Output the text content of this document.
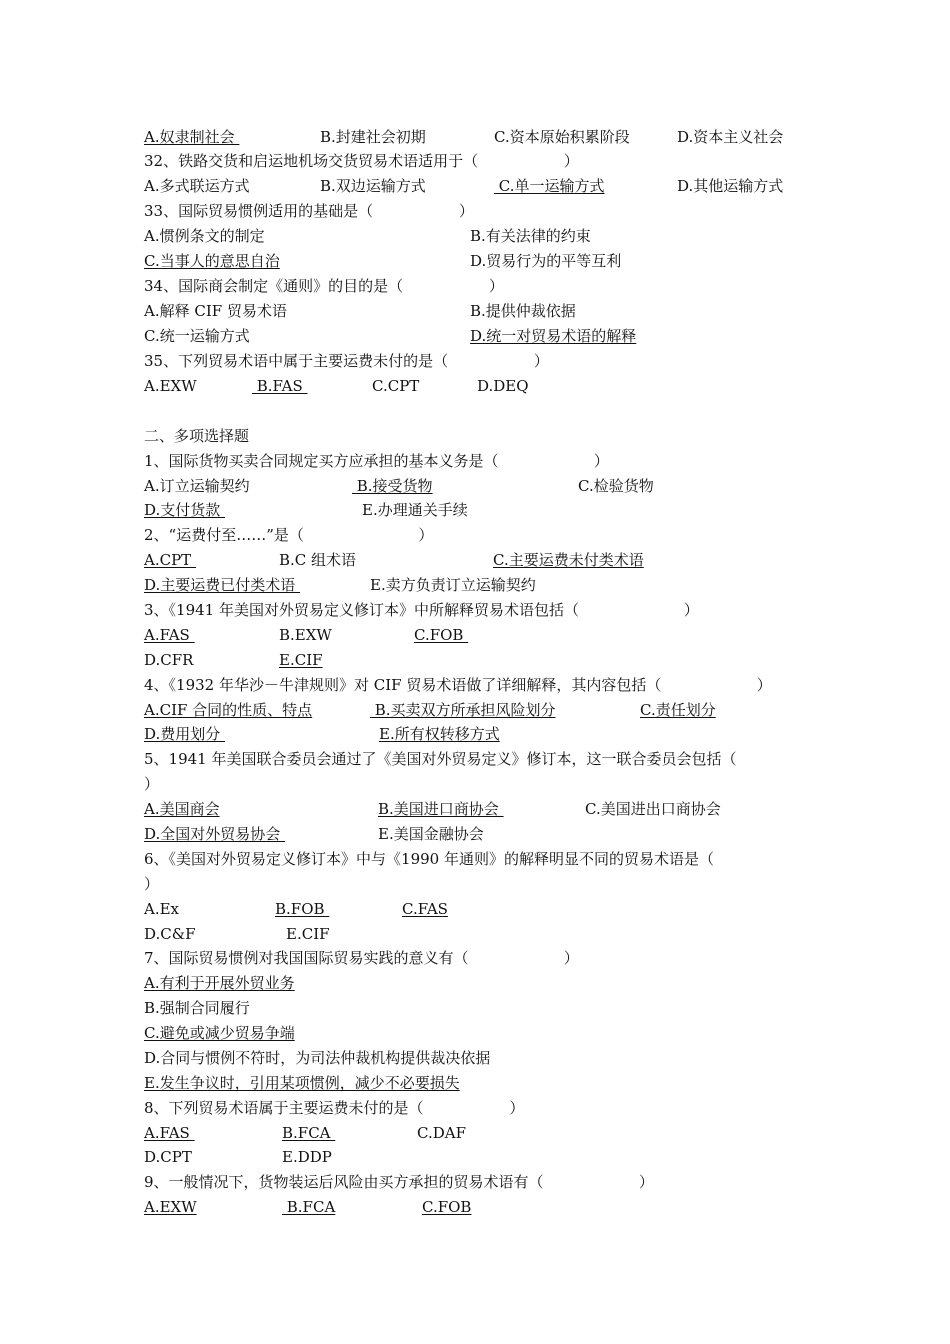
A.奴隶制社会	B.封建社会初期	C.资本原始积累阶段	D.资本主义社会
32、铁路交货和启运地机场交货贸易术语适用于（                  ）
A.多式联运方式	B.双边运输方式	C.单一运输方式	D.其他运输方式
33、国际贸易惯例适用的基础是（                  ）
A.惯例条文的制定	B.有关法律的约束
C.当事人的意思自治	D.贸易行为的平等互利
34、国际商会制定《通则》的目的是（                  ）
A.解释 CIF 贸易术语	B.提供仲裁依据
C.统一运输方式	D.统一对贸易术语的解释
35、下列贸易术语中属于主要运费未付的是（                  ）
A.EXW	B.FAS	C.CPT	D.DEQ
二、多项选择题
1、国际货物买卖合同规定买方应承担的基本义务是（                    ）
A.订立运输契约	B.接受货物	C.检验货物
D.支付货款	E.办理通关手续
2、“运费付至……”是（                        ）
A.CPT	B.C 组术语	C.主要运费未付类术语
D.主要运费已付类术语	E.卖方负责订立运输契约
3、《1941 年美国对外贸易定义修订本》中所解释贸易术语包括（                      ）
A.FAS	B.EXW	C.FOB
D.CFR	E.CIF
4、《1932 年华沙－牛津规则》对 CIF 贸易术语做了详细解释，其内容包括（                    ）
A.CIF 合同的性质、特点	B.买卖双方所承担风险划分	C.责任划分
D.费用划分	E.所有权转移方式
5、1941 年美国联合委员会通过了《美国对外贸易定义》修订本，这一联合委员会包括（
）
A.美国商会	B.美国进口商协会	C.美国进出口商协会
D.全国对外贸易协会	E.美国金融协会
6、《美国对外贸易定义修订本》中与《1990 年通则》的解释明显不同的贸易术语是（
）
A.Ex	B.FOB	C.FAS
D.C&F	E.CIF
7、国际贸易惯例对我国国际贸易实践的意义有（                    ）
A.有利于开展外贸业务
B.强制合同履行
C.避免或减少贸易争端
D.合同与惯例不符时，为司法仲裁机构提供裁决依据
E.发生争议时，引用某项惯例，减少不必要损失
8、下列贸易术语属于主要运费未付的是（                  ）
A.FAS	B.FCA	C.DAF
D.CPT	E.DDP
9、一般情况下，货物装运后风险由买方承担的贸易术语有（                    ）
A.EXW	B.FCA	C.FOB
